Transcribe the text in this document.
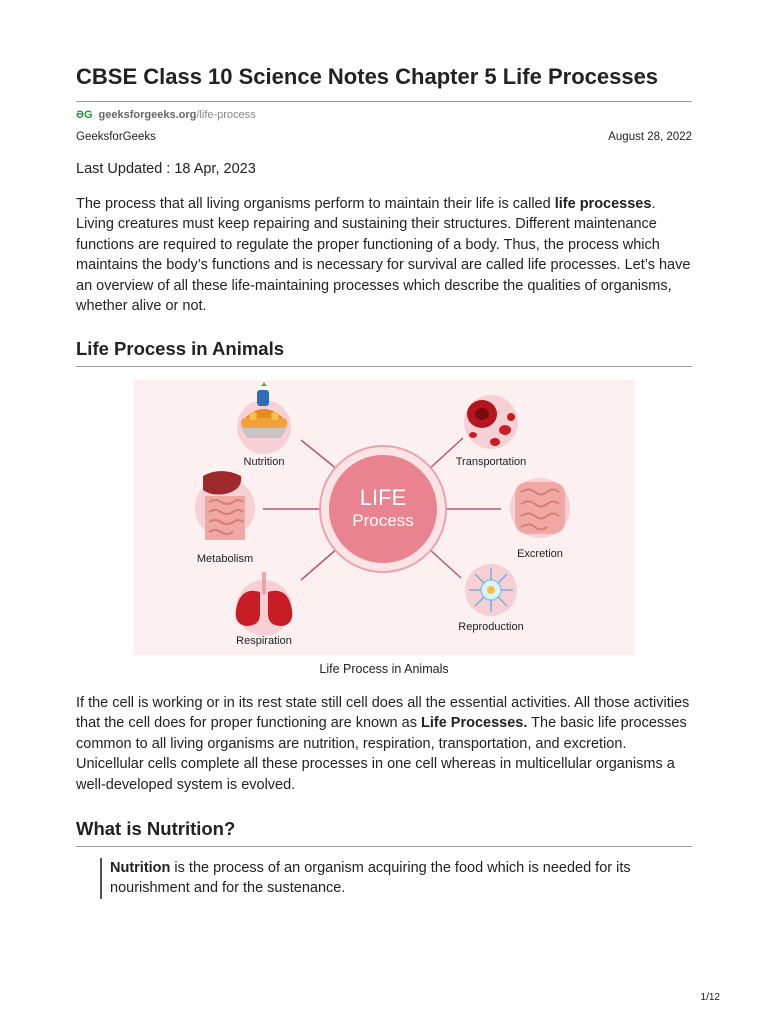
CBSE Class 10 Science Notes Chapter 5 Life Processes
ƏG geeksforgeeks.org/life-process
GeeksforGeeks	August 28, 2022
Last Updated : 18 Apr, 2023

The process that all living organisms perform to maintain their life is called life processes. Living creatures must keep repairing and sustaining their structures. Different maintenance functions are required to regulate the proper functioning of a body. Thus, the process which maintains the body’s functions and is necessary for survival are called life processes. Let’s have an overview of all these life-maintaining processes which describe the qualities of organisms, whether alive or not.

Life Process in Animals
LIFE
Process
Nutrition	Transportation
Metabolism	Excretion
Respiration
Reproduction
Life Process in Animals

If the cell is working or in its rest state still cell does all the essential activities. All those activities that the cell does for proper functioning are known as Life Processes. The basic life processes common to all living organisms are nutrition, respiration, transportation, and excretion. Unicellular cells complete all these processes in one cell whereas in multicellular organisms a well-developed system is evolved.

What is Nutrition?

Nutrition is the process of an organism acquiring the food which is needed for its nourishment and for the sustenance.

1/12
